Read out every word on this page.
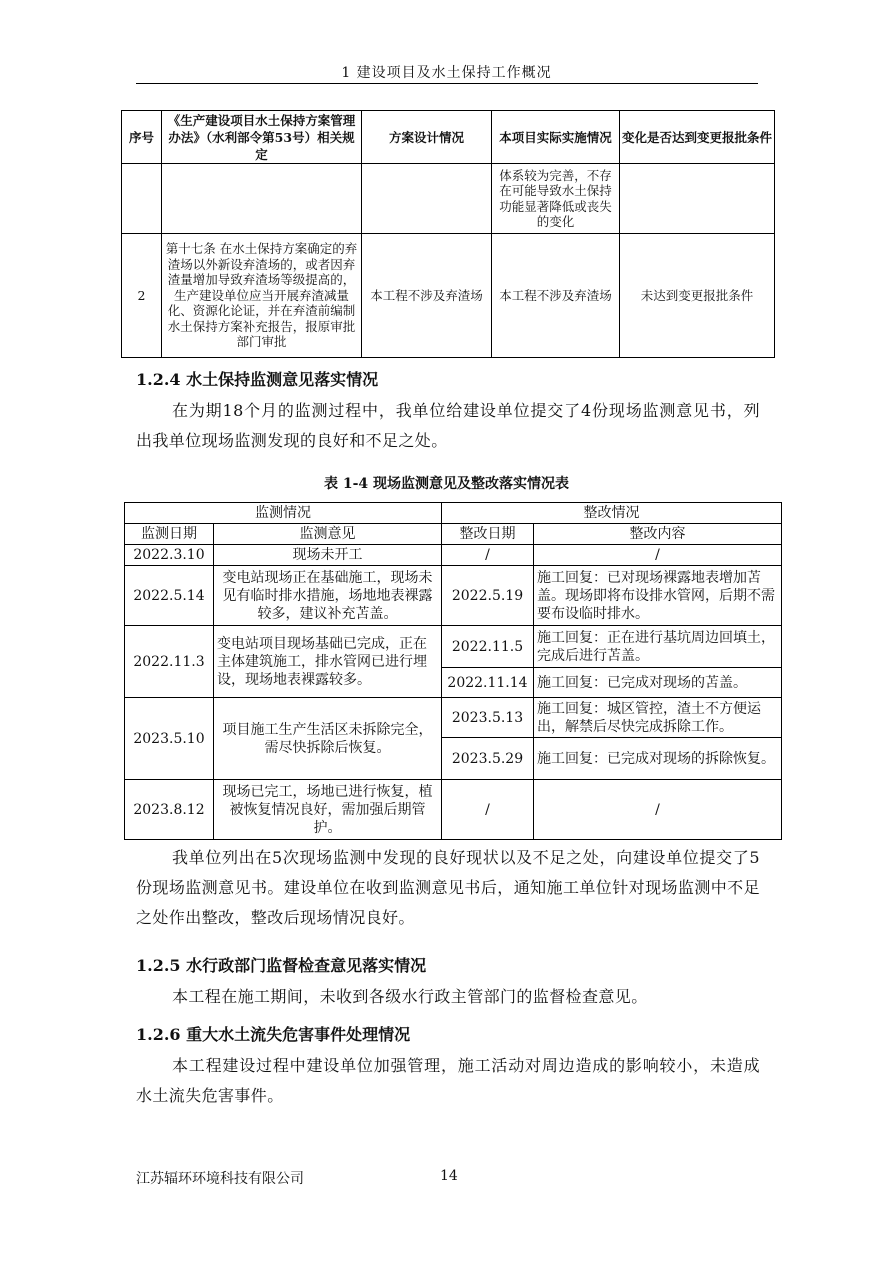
1 建设项目及水土保持工作概况
序号	《生产建设项目水土保持方案管理办法》（水利部令第53号）相关规定	方案设计情况	本项目实际实施情况	变化是否达到变更报批条件
			体系较为完善，不存在可能导致水土保持功能显著降低或丧失的变化	
2	第十七条 在水土保持方案确定的弃渣场以外新设弃渣场的，或者因弃渣量增加导致弃渣场等级提高的，生产建设单位应当开展弃渣减量化、资源化论证，并在弃渣前编制水土保持方案补充报告，报原审批部门审批	本工程不涉及弃渣场	本工程不涉及弃渣场	未达到变更报批条件
1.2.4 水土保持监测意见落实情况
在为期18个月的监测过程中，我单位给建设单位提交了4份现场监测意见书，列出我单位现场监测发现的良好和不足之处。
表 1-4 现场监测意见及整改落实情况表
监测情况		整改情况	
监测日期	监测意见	整改日期	整改内容
2022.3.10	现场未开工	/	/
2022.5.14	变电站现场正在基础施工，现场未见有临时排水措施，场地地表裸露较多，建议补充苫盖。	2022.5.19	施工回复：已对现场裸露地表增加苫盖。现场即将布设排水管网，后期不需要布设临时排水。
2022.11.3	变电站项目现场基础已完成，正在主体建筑施工，排水管网已进行埋设，现场地表裸露较多。	2022.11.5	施工回复：正在进行基坑周边回填土，完成后进行苫盖。
		2022.11.14	施工回复：已完成对现场的苫盖。
2023.5.10	项目施工生产生活区未拆除完全，需尽快拆除后恢复。	2023.5.13	施工回复：城区管控，渣土不方便运出，解禁后尽快完成拆除工作。
		2023.5.29	施工回复：已完成对现场的拆除恢复。
2023.8.12	现场已完工，场地已进行恢复，植被恢复情况良好，需加强后期管护。	/	/
我单位列出在5次现场监测中发现的良好现状以及不足之处，向建设单位提交了5份现场监测意见书。建设单位在收到监测意见书后，通知施工单位针对现场监测中不足之处作出整改，整改后现场情况良好。
1.2.5 水行政部门监督检查意见落实情况
本工程在施工期间，未收到各级水行政主管部门的监督检查意见。
1.2.6 重大水土流失危害事件处理情况
本工程建设过程中建设单位加强管理，施工活动对周边造成的影响较小，未造成水土流失危害事件。
江苏辐环环境科技有限公司	14
